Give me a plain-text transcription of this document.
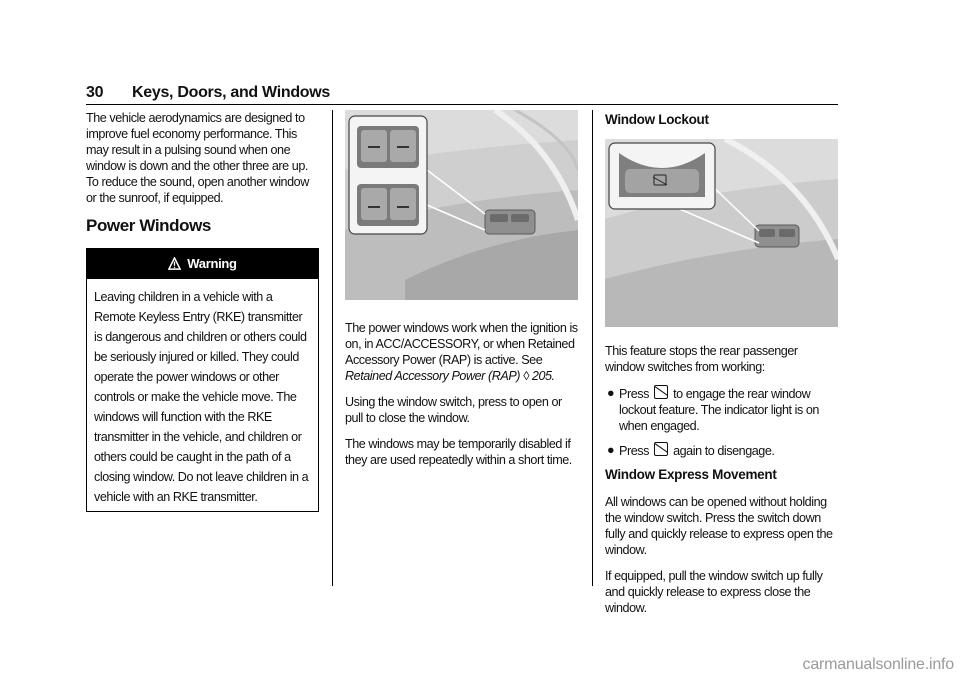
30 Keys, Doors, and Windows

The vehicle aerodynamics are designed to improve fuel economy performance. This may result in a pulsing sound when one window is down and the other three are up. To reduce the sound, open another window or the sunroof, if equipped.

Power Windows
Warning
Leaving children in a vehicle with a Remote Keyless Entry (RKE) transmitter is dangerous and children or others could be seriously injured or killed. They could operate the power windows or other controls or make the vehicle move. The windows will function with the RKE transmitter in the vehicle, and children or others could be caught in the path of a closing window. Do not leave children in a vehicle with an RKE transmitter.

The power windows work when the ignition is on, in ACC/ACCESSORY, or when Retained Accessory Power (RAP) is active. See Retained Accessory Power (RAP) ◊ 205.

Using the window switch, press to open or pull to close the window.

The windows may be temporarily disabled if they are used repeatedly within a short time.

Window Lockout

This feature stops the rear passenger window switches from working:

● Press to engage the rear window lockout feature. The indicator light is on when engaged.
● Press again to disengage.
Window Express Movement

All windows can be opened without holding the window switch. Press the switch down fully and quickly release to express open the window.

If equipped, pull the window switch up fully and quickly release to express close the window.

carmanualsonline.info
